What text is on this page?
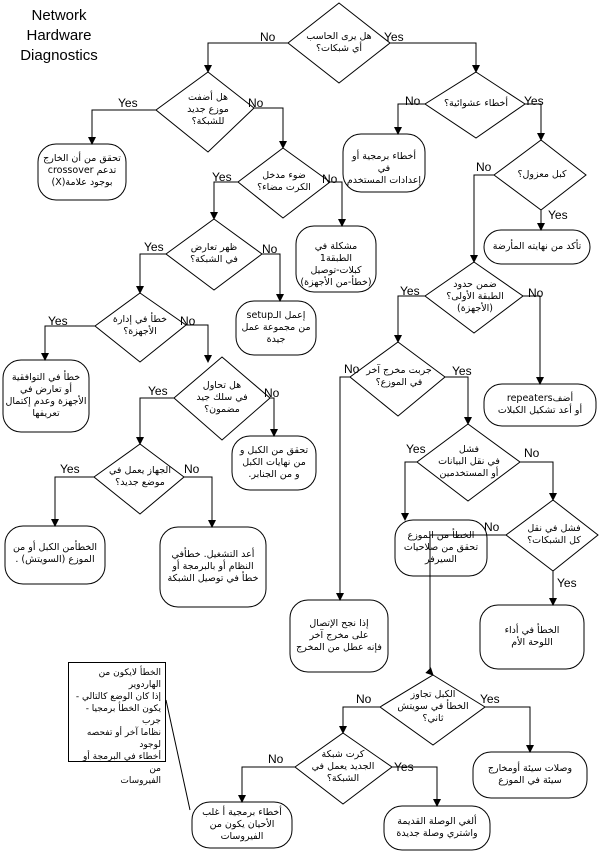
Network
Hardware
Diagnostics
No	Yes
Yes	No
Yes	No
Yes	No
Yes	No
Yes	No
Yes	No
No	Yes
No
Yes
Yes	No
No	Yes
Yes	No
No
Yes
No	Yes
No
Yes
هل يرى الحاسب
أي شبكات؟
هل أضفت
موزع جديد
للشبكة؟
ضوء مدخل
الكرت مضاء؟
ظهر تعارض
في الشبكة؟
خطأ في إدارة
الأجهزة؟
هل تحاول
في سلك جيد
مضمون؟
الجهاز يعمل في
موضع جديد؟
أخطاء عشوائية؟
كبل معزول؟
ضمن حدود
الطبقة الأولى؟
(الأجهزة)
جربت مخرج آخر
في الموزع؟
فشل
في نقل البيانات
أو المستخدمين
فشل في نقل
كل الشبكات؟
الكبل تجاوز
الخطأ في سويتش
ثاني؟
كرت شبكة
الجديد يعمل في
الشبكة؟
تحقق من أن الخارج
تدعم crossover
بوجود علامة(X)
مشكلة في الطبقة1
كبلات-توصيل
(خطأ-من الأجهزة)
إعمل الـsetup
من مجموعة عمل
جيدة
خطأ في التوافقية
أو تعارض في
الأجهزة وعدم إكتمال
تعريفها
تحقق من الكبل و
من نهايات الكبل
و من الجنابر.
الخطأمن الكبل أو من
الموزع (السويتش) .	أعد التشغيل. خطأفي
النظام أو بالبرمجة أو
خطأ في توصيل الشبكة
أخطاء برمجية أو في
إعدادات المستخدم
تأكد من نهايته المأرضة
أضفrepeaters
أو أعد تشكيل الكبلات
الخطأ من الموزع
تحقق من صلاحيات
السيرفر
إذا نجح الإتصال
على مخرج آخر
فإنه عطل من المخرج
الخطأ في أداء
اللوحة الأم
وصلات سيئة أومخارج
سيئة في الموزع
أخطاء برمجية أ غلب
الأحيان يكون من
الفيروسات
ألغي الوصلة القديمة
واشتري وصلة جديدة
الخطأ لايكون من الهاردوير
إذا كان الوضع كالتالي -
يكون الخطأ برمجيا - جرب
نظاما آخر أو تفحصه لوجود
أخطاء في البرمجة أو من
الفيروسات
